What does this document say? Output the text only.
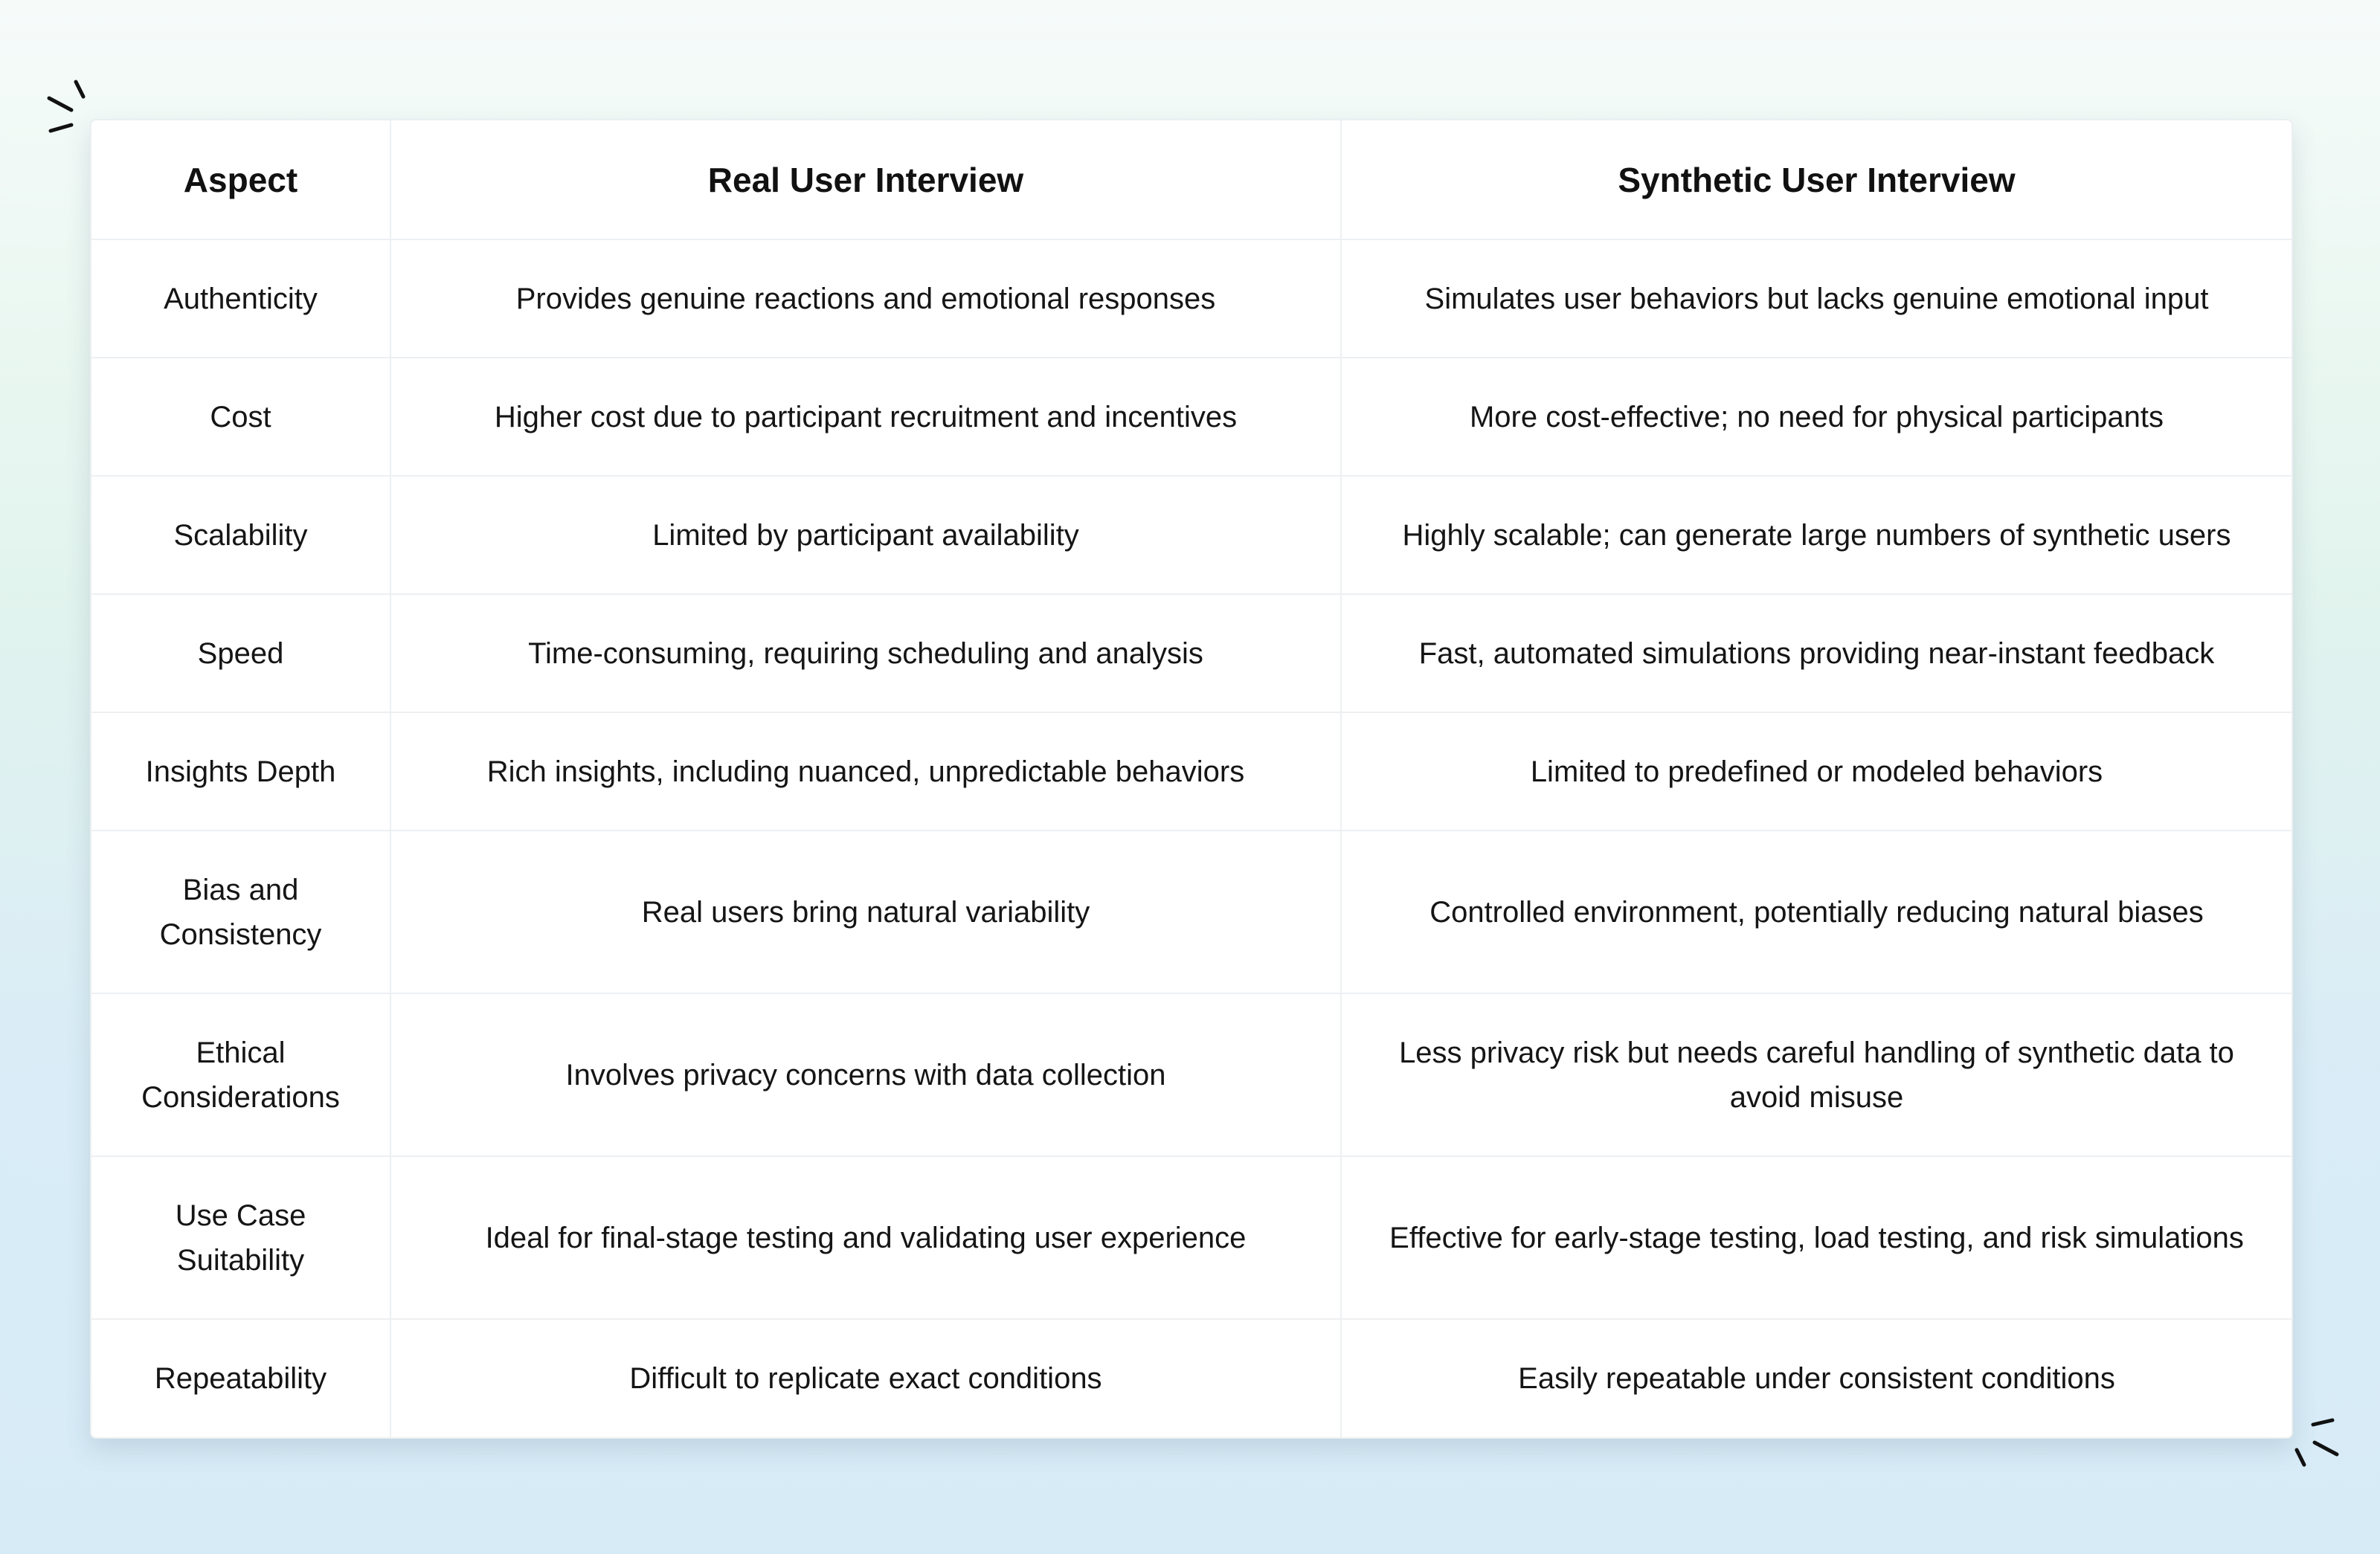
Aspect	Real User Interview	Synthetic User Interview
Authenticity	Provides genuine reactions and emotional responses	Simulates user behaviors but lacks genuine emotional input
Cost	Higher cost due to participant recruitment and incentives	More cost-effective; no need for physical participants
Scalability	Limited by participant availability	Highly scalable; can generate large numbers of synthetic users
Speed	Time-consuming, requiring scheduling and analysis	Fast, automated simulations providing near-instant feedback
Insights Depth	Rich insights, including nuanced, unpredictable behaviors	Limited to predefined or modeled behaviors
Bias and Consistency	Real users bring natural variability	Controlled environment, potentially reducing natural biases
Ethical Considerations	Involves privacy concerns with data collection	Less privacy risk but needs careful handling of synthetic data to avoid misuse
Use Case Suitability	Ideal for final-stage testing and validating user experience	Effective for early-stage testing, load testing, and risk simulations
Repeatability	Difficult to replicate exact conditions	Easily repeatable under consistent conditions
